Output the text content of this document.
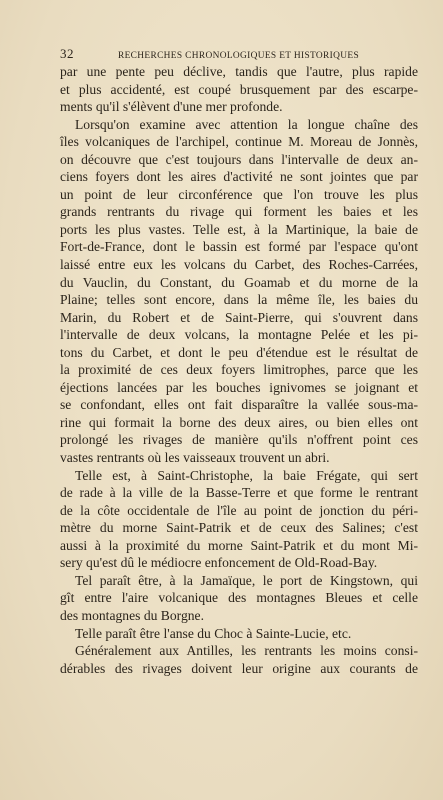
32	RECHERCHES CHRONOLOGIQUES ET HISTORIQUES
par une pente peu déclive, tandis que l'autre, plus rapide
et plus accidenté, est coupé brusquement par des escarpe-
ments qu'il s'élèvent d'une mer profonde.
Lorsqu'on examine avec attention la longue chaîne des
îles volcaniques de l'archipel, continue M. Moreau de Jonnès,
on découvre que c'est toujours dans l'intervalle de deux an-
ciens foyers dont les aires d'activité ne sont jointes que par
un point de leur circonférence que l'on trouve les plus
grands rentrants du rivage qui forment les baies et les
ports les plus vastes. Telle est, à la Martinique, la baie de
Fort-de-France, dont le bassin est formé par l'espace qu'ont
laissé entre eux les volcans du Carbet, des Roches-Carrées,
du Vauclin, du Constant, du Goamab et du morne de la
Plaine; telles sont encore, dans la même île, les baies du
Marin, du Robert et de Saint-Pierre, qui s'ouvrent dans
l'intervalle de deux volcans, la montagne Pelée et les pi-
tons du Carbet, et dont le peu d'étendue est le résultat de
la proximité de ces deux foyers limitrophes, parce que les
éjections lancées par les bouches ignivomes se joignant et
se confondant, elles ont fait disparaître la vallée sous-ma-
rine qui formait la borne des deux aires, ou bien elles ont
prolongé les rivages de manière qu'ils n'offrent point ces
vastes rentrants où les vaisseaux trouvent un abri.
Telle est, à Saint-Christophe, la baie Frégate, qui sert
de rade à la ville de la Basse-Terre et que forme le rentrant
de la côte occidentale de l'île au point de jonction du péri-
mètre du morne Saint-Patrik et de ceux des Salines; c'est
aussi à la proximité du morne Saint-Patrik et du mont Mi-
sery qu'est dû le médiocre enfoncement de Old-Road-Bay.
Tel paraît être, à la Jamaïque, le port de Kingstown, qui
gît entre l'aire volcanique des montagnes Bleues et celle
des montagnes du Borgne.
Telle paraît être l'anse du Choc à Sainte-Lucie, etc.
Généralement aux Antilles, les rentrants les moins consi-
dérables des rivages doivent leur origine aux courants de
